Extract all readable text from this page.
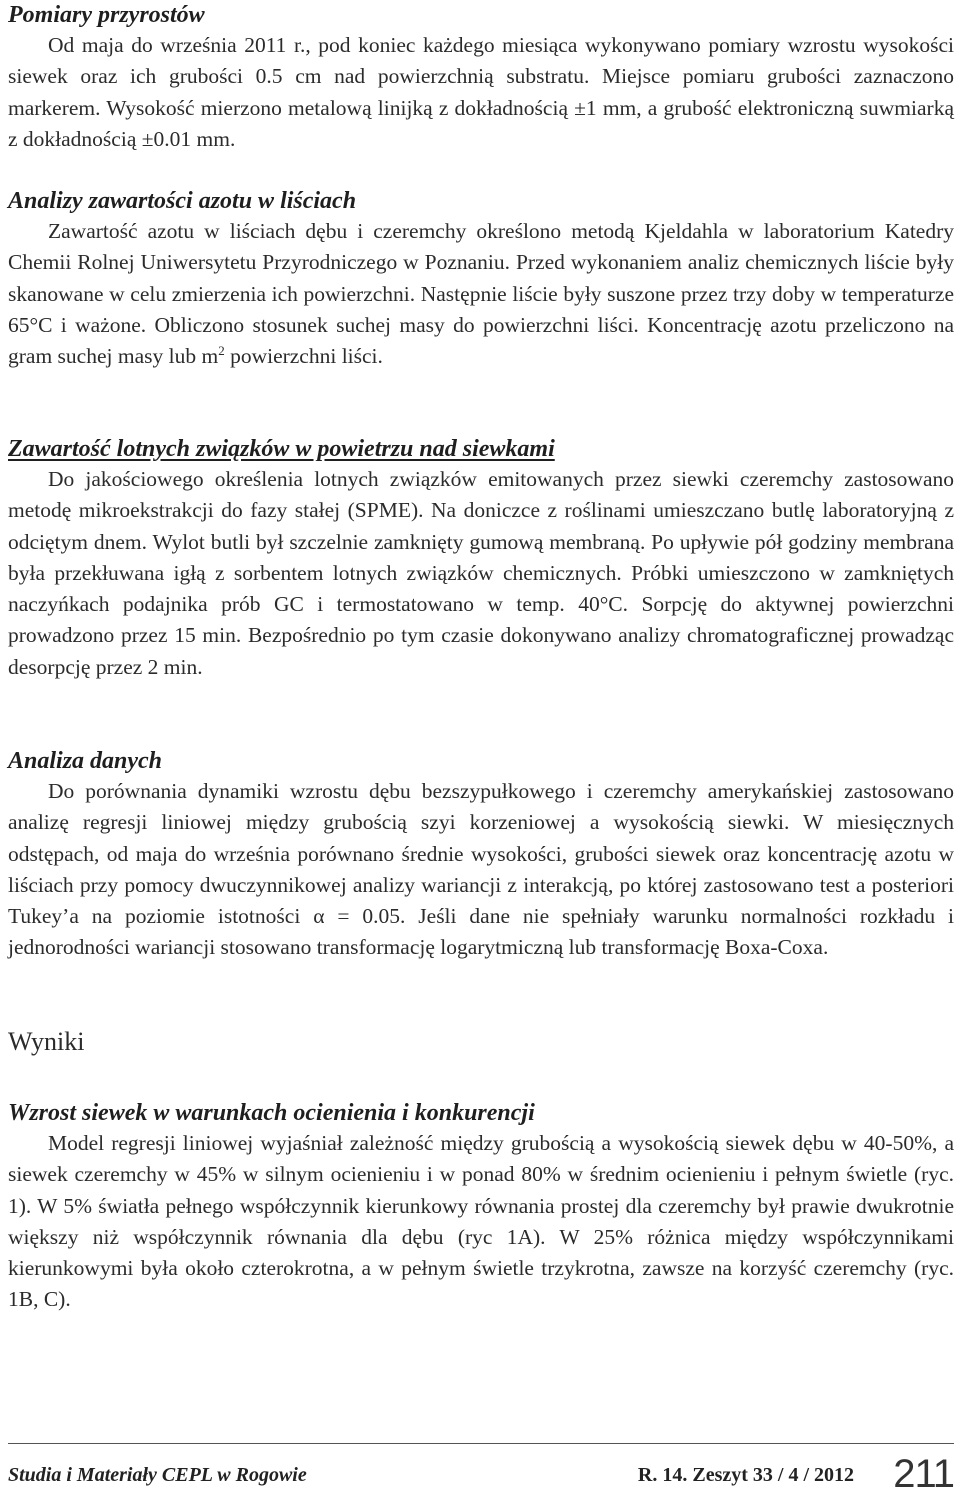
Pomiary przyrostów

Od maja do września 2011 r., pod koniec każdego miesiąca wykonywano pomiary wzrostu wysokości siewek oraz ich grubości 0.5 cm nad powierzchnią substratu. Miejsce pomiaru grubości zaznaczono markerem. Wysokość mierzono metalową linijką z dokładnością ±1 mm, a grubość elektroniczną suwmiarką z dokładnością ±0.01 mm.

Analizy zawartości azotu w liściach

Zawartość azotu w liściach dębu i czeremchy określono metodą Kjeldahla w laboratorium Katedry Chemii Rolnej Uniwersytetu Przyrodniczego w Poznaniu. Przed wykonaniem analiz chemicznych liście były skanowane w celu zmierzenia ich powierzchni. Następnie liście były suszone przez trzy doby w temperaturze 65°C i ważone. Obliczono stosunek suchej masy do powierzchni liści. Koncentrację azotu przeliczono na gram suchej masy lub $m^2$ powierzchni liści.

Zawartość lotnych związków w powietrzu nad siewkami

Do jakościowego określenia lotnych związków emitowanych przez siewki czeremchy zastosowano metodę mikroekstrakcji do fazy stałej (SPME). Na doniczce z roślinami umieszczano butlę laboratoryjną z odciętym dnem. Wylot butli był szczelnie zamknięty gumową membraną. Po upływie pół godziny membrana była przekłuwana igłą z sorbentem lotnych związków chemicznych. Próbki umieszczono w zamkniętych naczyńkach podajnika prób GC i termostatowano w temp. 40°C. Sorpcję do aktywnej powierzchni prowadzono przez 15 min. Bezpośrednio po tym czasie dokonywano analizy chromatograficznej prowadząc desorpcję przez 2 min.

Analiza danych

Do porównania dynamiki wzrostu dębu bezszypułkowego i czeremchy amerykańskiej zastosowano analizę regresji liniowej między grubością szyi korzeniowej a wysokością siewki. W miesięcznych odstępach, od maja do września porównano średnie wysokości, grubości siewek oraz koncentrację azotu w liściach przy pomocy dwuczynnikowej analizy wariancji z interakcją, po której zastosowano test a posteriori Tukey’a na poziomie istotności α = 0.05. Jeśli dane nie spełniały warunku normalności rozkładu i jednorodności wariancji stosowano transformację logarytmiczną lub transformację Boxa-Coxa.

Wyniki
Wzrost siewek w warunkach ocienienia i konkurencji

Model regresji liniowej wyjaśniał zależność między grubością a wysokością siewek dębu w 40-50%, a siewek czeremchy w 45% w silnym ocienieniu i w ponad 80% w średnim ocienieniu i pełnym świetle (ryc. 1). W 5% światła pełnego współczynnik kierunkowy równania prostej dla czeremchy był prawie dwukrotnie większy niż współczynnik równania dla dębu (ryc 1A). W 25% różnica między współczynnikami kierunkowymi była około czterokrotna, a w pełnym świetle trzykrotna, zawsze na korzyść czeremchy (ryc. 1B, C).

Studia i Materiały CEPL w Rogowie	R. 14. Zeszyt 33 / 4 / 2012 211
